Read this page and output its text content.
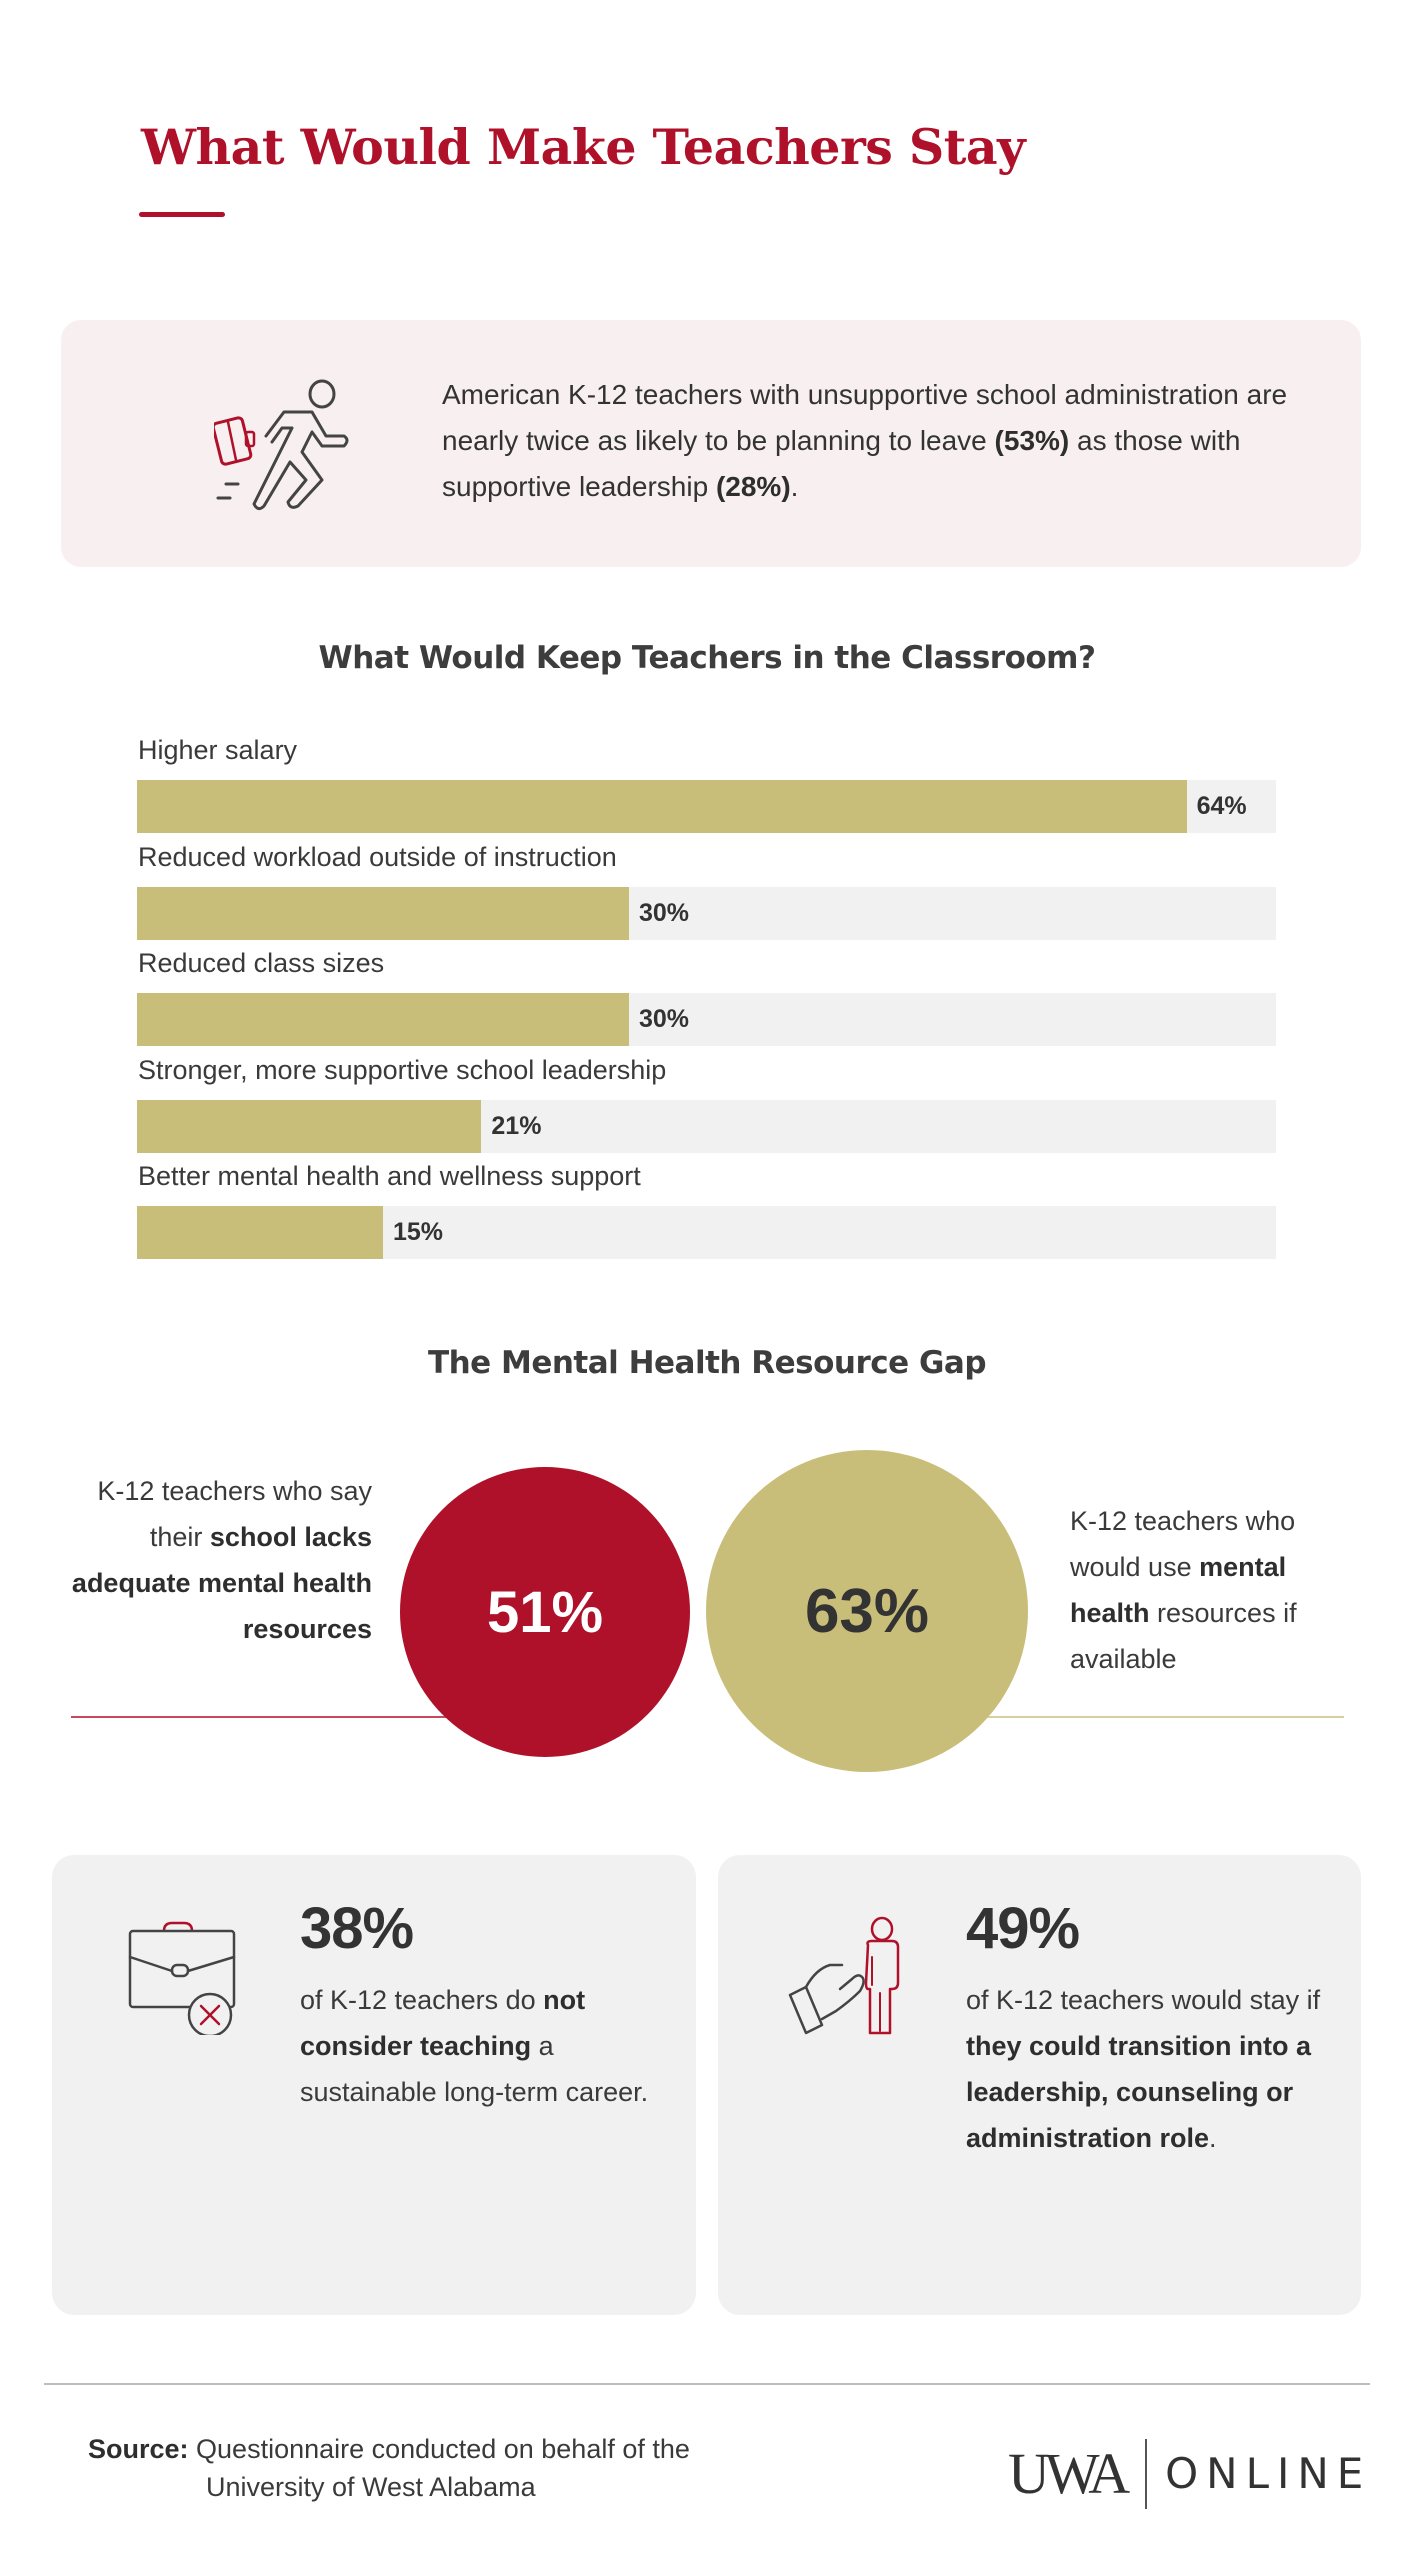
What Would Make Teachers Stay

American K-12 teachers with unsupportive school administration are nearly twice as likely to be planning to leave (53%) as those with supportive leadership (28%).

What Would Keep Teachers in the Classroom?
Higher salary
64%
Reduced workload outside of instruction
30%
Reduced class sizes
30%
Stronger, more supportive school leadership
21%
Better mental health and wellness support
15%
The Mental Health Resource Gap

K-12 teachers who say their school lacks adequate mental health resources 51%	63%

K-12 teachers who would use mental health resources if available

38%

of K-12 teachers do not consider teaching a sustainable long-term career.

49%

of K-12 teachers would stay if they could transition into a leadership, counseling or administration role.

Source: Questionnaire conducted on behalf of the
University of West Alabama	UWA ONLINE
